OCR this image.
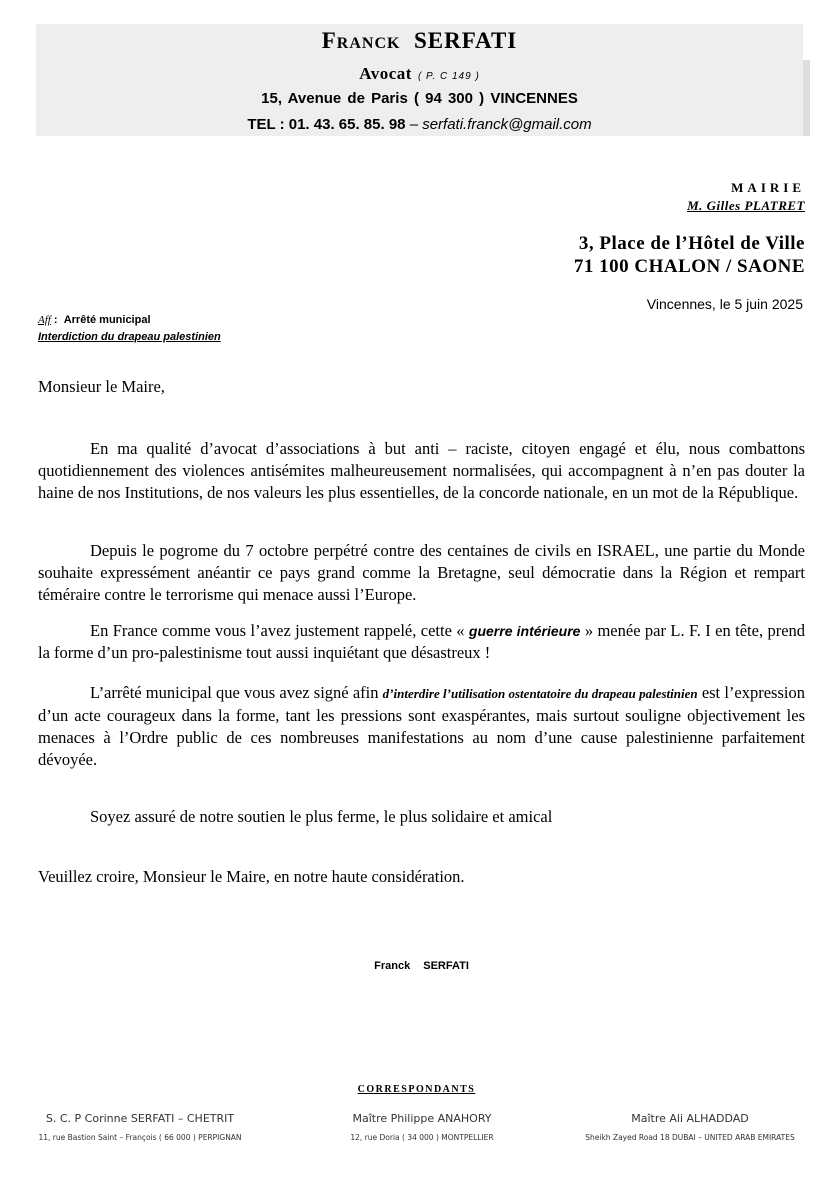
Franck SERFATI
Avocat ( P. C 149 )
15, Avenue de Paris ( 94 300 ) VINCENNES
TEL : 01. 43. 65. 85. 98 – serfati.franck@gmail.com
MAIRIE
M. Gilles PLATRET
3, Place de l’Hôtel de Ville
71 100 CHALON / SAONE
Vincennes, le 5 juin 2025
Aff : Arrêté municipal
Interdiction du drapeau palestinien
Monsieur le Maire,
En ma qualité d’avocat d’associations à but anti – raciste, citoyen engagé et élu, nous combattons quotidiennement des violences antisémites malheureusement normalisées, qui accompagnent à n’en pas douter la haine de nos Institutions, de nos valeurs les plus essentielles, de la concorde nationale, en un mot de la République.
Depuis le pogrome du 7 octobre perpétré contre des centaines de civils en ISRAEL, une partie du Monde souhaite expressément anéantir ce pays grand comme la Bretagne, seul démocratie dans la Région et rempart téméraire contre le terrorisme qui menace aussi l’Europe.
En France comme vous l’avez justement rappelé, cette « guerre intérieure » menée par L. F. I en tête, prend la forme d’un pro-palestinisme tout aussi inquiétant que désastreux !
L’arrêté municipal que vous avez signé afin d’interdire l’utilisation ostentatoire du drapeau palestinien est l’expression d’un acte courageux dans la forme, tant les pressions sont exaspérantes, mais surtout souligne objectivement les menaces à l’Ordre public de ces nombreuses manifestations au nom d’une cause palestinienne parfaitement dévoyée.
Soyez assuré de notre soutien le plus ferme, le plus solidaire et amical
Veuillez croire, Monsieur le Maire, en notre haute considération.
Franck SERFATI
CORRESPONDANTS
S. C. P Corinne SERFATI – CHETRIT
11, rue Bastion Saint – François ( 66 000 ) PERPIGNAN
Maître Philippe ANAHORY
12, rue Doria ( 34 000 ) MONTPELLIER
Maître Ali ALHADDAD
Sheikh Zayed Road 18 DUBAI – UNITED ARAB EMIRATES
